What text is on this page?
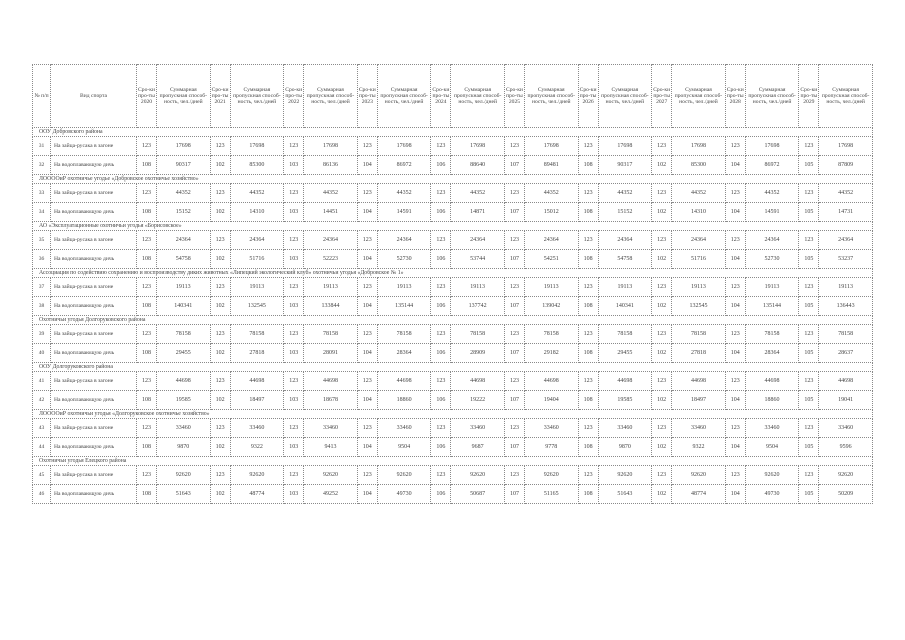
№ п/п	Вид спорта	Сро-ки про-ты 2020	Суммарная пропускная способ-ность, чел./дней	Сро-ки про-ты 2021	Суммарная пропускная способ-ность, чел./дней	Сро-ки про-ты 2022	Суммарная пропускная способ-ность, чел./дней	Сро-ки про-ты 2023	Суммарная пропускная способ-ность, чел./дней	Сро-ки про-ты 2024	Суммарная пропускная способ-ность, чел./дней	Сро-ки про-ты 2025	Суммарная пропускная способ-ность, чел./дней	Сро-ки про-ты 2026	Суммарная пропускная способ-ность, чел./дней	Сро-ки про-ты 2027	Суммарная пропускная способ-ность, чел./дней	Сро-ки про-ты 2028	Суммарная пропускная способ-ность, чел./дней	Сро-ки про-ты 2029	Суммарная пропускная способ-ность, чел./дней
ООУ Добровского района																					
31	На зайца-русака в загоне	123	17698	123	17698	123	17698	123	17698	123	17698	123	17698	123	17698	123	17698	123	17698	123	17698
32	На водоплавающую дичь	108	90317	102	85300	103	86136	104	86972	106	88640	107	89481	108	90317	102	85300	104	86972	105	87809
ЛООООиР охотничье угодье «Добровское охотничье хозяйство»																					
33	На зайца-русака в загоне	123	44352	123	44352	123	44352	123	44352	123	44352	123	44352	123	44352	123	44352	123	44352	123	44352
34	На водоплавающую дичь	108	15152	102	14310	103	14451	104	14591	106	14871	107	15012	108	15152	102	14310	104	14591	105	14731
АО «Эксплуатационные охотничьи угодья «Борисовское»																					
35	На зайца-русака в загоне	123	24364	123	24364	123	24364	123	24364	123	24364	123	24364	123	24364	123	24364	123	24364	123	24364
36	На водоплавающую дичь	108	54758	102	51716	103	52223	104	52730	106	53744	107	54251	108	54758	102	51716	104	52730	105	53237
Ассоциация по содействию сохранению и воспроизводству диких животных «Липецкий экологический клуб» охотничьи угодья «Добровское № 1»																					
37	На зайца-русака в загоне	123	19113	123	19113	123	19113	123	19113	123	19113	123	19113	123	19113	123	19113	123	19113	123	19113
38	На водоплавающую дичь	108	140341	102	132545	103	133844	104	135144	106	137742	107	139042	108	140341	102	132545	104	135144	105	136443
Охотничьи угодья Долгоруковского района																					
39	На зайца-русака в загоне	123	78158	123	78158	123	78158	123	78158	123	78158	123	78158	123	78158	123	78158	123	78158	123	78158
40	На водоплавающую дичь	108	29455	102	27818	103	28091	104	28364	106	28909	107	29182	108	29455	102	27818	104	28364	105	28637
ООУ Долгоруковского района																					
41	На зайца-русака в загоне	123	44698	123	44698	123	44698	123	44698	123	44698	123	44698	123	44698	123	44698	123	44698	123	44698
42	На водоплавающую дичь	108	19585	102	18497	103	18678	104	18860	106	19222	107	19404	108	19585	102	18497	104	18860	105	19041
ЛООООиР охотничьи угодья «Долгоруковское охотничье хозяйство»																					
43	На зайца-русака в загоне	123	33460	123	33460	123	33460	123	33460	123	33460	123	33460	123	33460	123	33460	123	33460	123	33460
44	На водоплавающую дичь	108	9870	102	9322	103	9413	104	9504	106	9687	107	9778	108	9870	102	9322	104	9504	105	9596
Охотничьи угодья Елецкого района																					
45	На зайца-русака в загоне	123	92620	123	92620	123	92620	123	92620	123	92620	123	92620	123	92620	123	92620	123	92620	123	92620
46	На водоплавающую дичь	108	51643	102	48774	103	49252	104	49730	106	50687	107	51165	108	51643	102	48774	104	49730	105	50209
